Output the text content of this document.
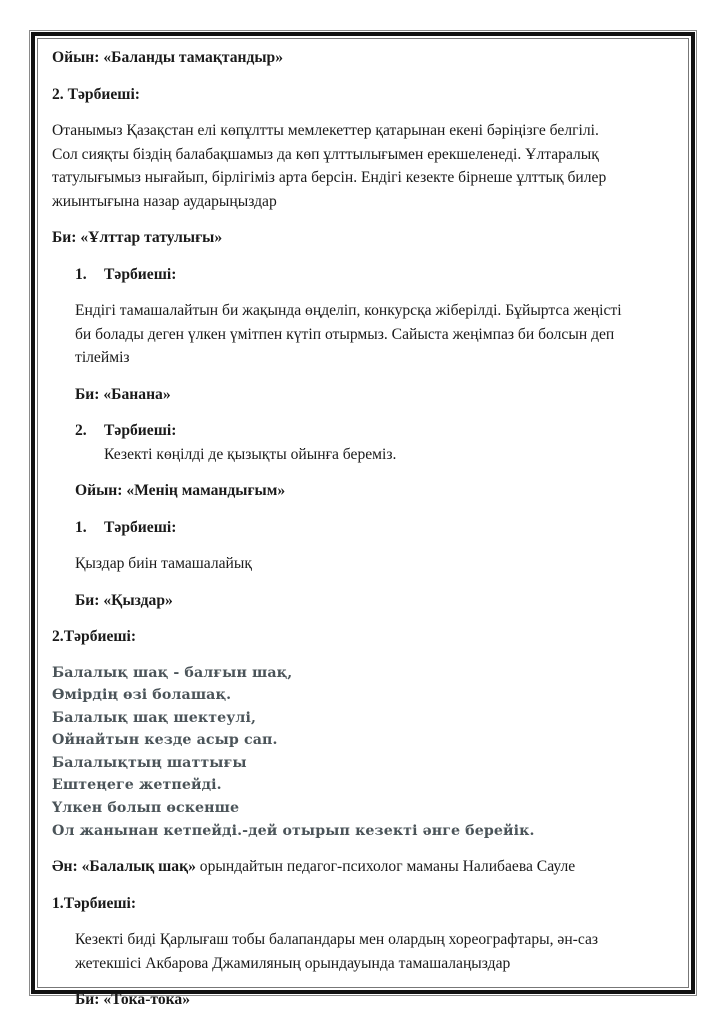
Ойын: «Баланды тамақтандыр»
2. Тәрбиеші:
Отанымыз Қазақстан елі көпұлтты мемлекеттер қатарынан екені бәріңізге белгілі.
Сол сияқты біздің балабақшамыз да көп ұлттылығымен ерекшеленеді. Ұлтаралық
татулығымыз нығайып, бірлігіміз арта берсін. Ендігі кезекте бірнеше ұлттық билер
жиынтығына назар аударыңыздар
Би: «Ұлттар татулығы»
1. Тәрбиеші:
Ендігі тамашалайтын би жақында өңделіп, конкурсқа жіберілді. Бұйыртса жеңісті
би болады деген үлкен үмітпен күтіп отырмыз. Сайыста жеңімпаз би болсын деп
тілейміз
Би: «Банана»
2. Тәрбиеші:
Кезекті көңілді де қызықты ойынға береміз.
Ойын: «Менің мамандығым»
1. Тәрбиеші:
Қыздар биін тамашалайық
Би: «Қыздар»
2.Тәрбиеші:
Балалық шақ - балғын шақ,
Өмірдің өзі болашақ.
Балалық шақ шектеулі,
Ойнайтын кезде асыр сап.
Балалықтың шаттығы
Ештеңеге жетпейді.
Үлкен болып өскенше
Ол жанынан кетпейді.-дей отырып кезекті әнге берейік.
Ән: «Балалық шақ» орындайтын педагог-психолог маманы Налибаева Сауле
1.Тәрбиеші:
Кезекті биді Қарлығаш тобы балапандары мен олардың хореографтары, ән-саз
жетекшісі Акбарова Джамиляның орындауында тамашалаңыздар
Би: «Тока-тока»
